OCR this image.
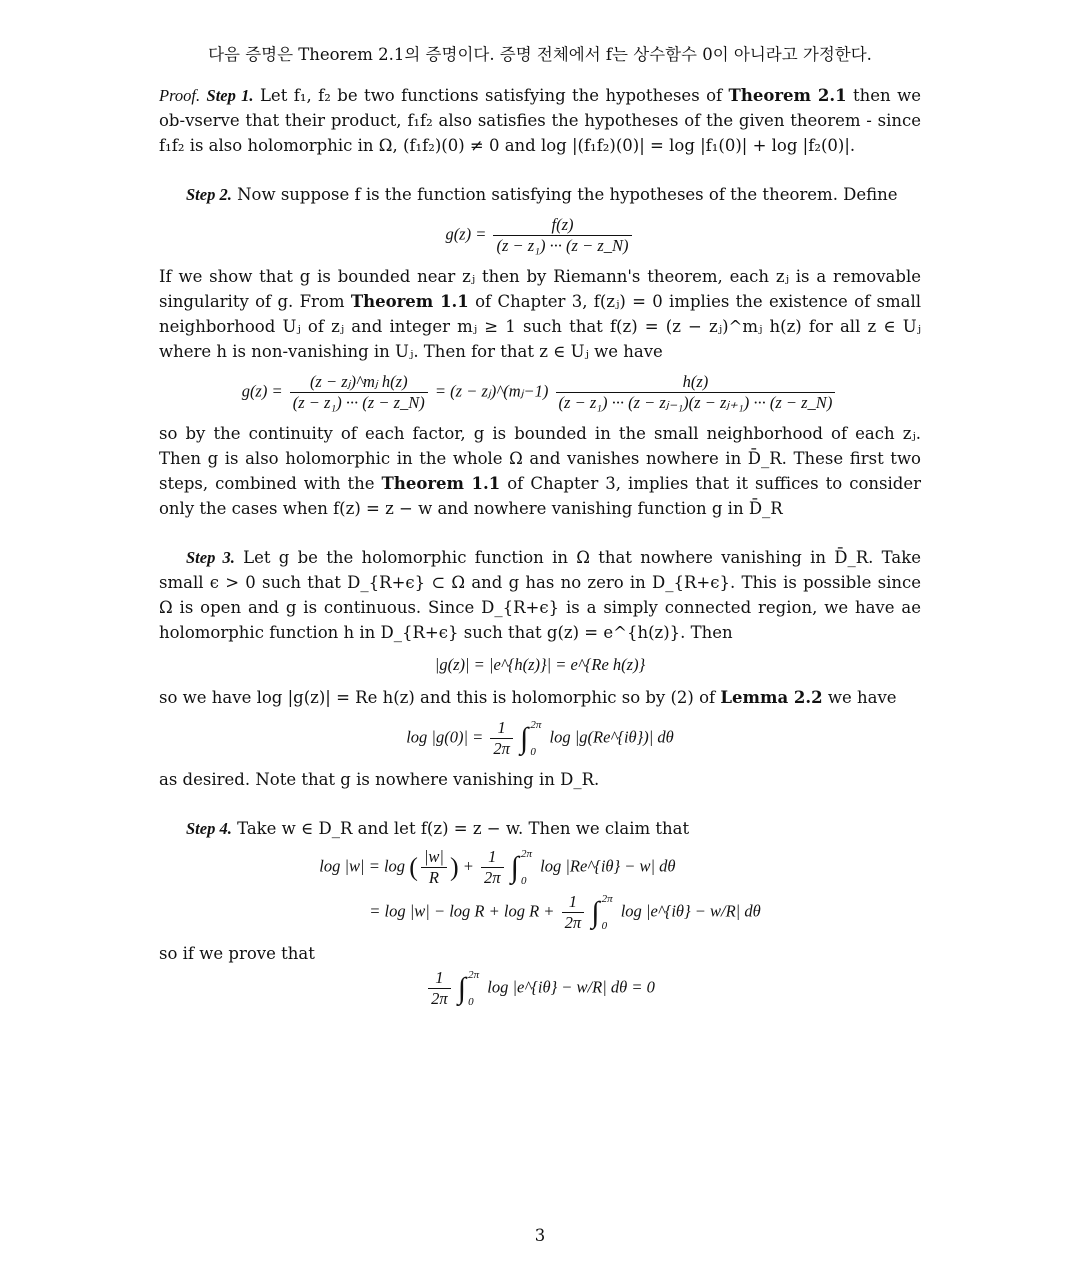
다음 증명은 Theorem 2.1의 증명이다. 증명 전체에서 f는 상수함수 0이 아니라고 가정한다.

Proof. Step 1. Let f₁, f₂ be two functions satisfying the hypotheses of Theorem 2.1 then we ob-vserve that their product, f₁f₂ also satisfies the hypotheses of the given theorem - since f₁f₂ is also holomorphic in Ω, (f₁f₂)(0) ≠ 0 and log |(f₁f₂)(0)| = log |f₁(0)| + log |f₂(0)|.

Step 2. Now suppose f is the function satisfying the hypotheses of the theorem. Define

$g(z) = \frac{f(z)}{\text{(z − z₁) ··· (z − z\_N)}}$

If we show that g is bounded near zⱼ then by Riemann's theorem, each zⱼ is a removable singularity of g. From Theorem 1.1 of Chapter 3, f(zⱼ) = 0 implies the existence of small neighborhood Uⱼ of zⱼ and integer mⱼ ≥ 1 such that f(z) = (z − zⱼ)^mⱼ h(z) for all z ∈ Uⱼ where h is non-vanishing in Uⱼ. Then for that z ∈ Uⱼ we have

$g(z) = \frac{\text{(z − zⱼ)\textasciicircum{}mⱼ h(z)}}{\text{(z − z₁) ··· (z − z\_N)}} = (z$ − zⱼ)^(mⱼ−1) $\frac{h(z)}{\text{(z − z₁) ··· (z − zⱼ₋₁)(z − zⱼ₊₁) ··· (z − z\_N)}}$

so by the continuity of each factor, g is bounded in the small neighborhood of each zⱼ. Then g is also holomorphic in the whole Ω and vanishes nowhere in D̄_R. These first two steps, combined with the Theorem 1.1 of Chapter 3, implies that it suffices to consider only the cases when f(z) = z − w and nowhere vanishing function g in D̄_R

Step 3. Let g be the holomorphic function in Ω that nowhere vanishing in D̄_R. Take small ϵ > 0 such that D_{R+ϵ} ⊂ Ω and g has no zero in D_{R+ϵ}. This is possible since Ω is open and g is continuous. Since D_{R+ϵ} is a simply connected region, we have ae holomorphic function h in D_{R+ϵ} such that g(z) = e^{h(z)}. Then

|g(z)| = |e^{h(z)}| = e^{Re h(z)}

so we have log |g(z)| = Re h(z) and this is holomorphic so by (2) of Lemma 2.2 we have

$\log |g(0)| = \frac{1}{2\pi}$ ∫ 2π
0
log |g(Re^{iθ})| dθ

as desired. Note that g is nowhere vanishing in D_R.

Step 4. Take w ∈ D_R and let f(z) = z − w. Then we claim that

log |w| = log ( $\frac{|w|}{R}$ ) + $\frac{1}{2\pi}$ ∫ 2π
0
log |Re^{iθ} − w| dθ
= $\log |w| - \log R + \log R + \frac{1}{2\pi}$ ∫ 2π
0
log |e^{iθ} − w/R| dθ

so if we prove that

$\frac{1}{2\pi}$ ∫ 2π
0
log |e^{iθ} − w/R| dθ = 0
3
